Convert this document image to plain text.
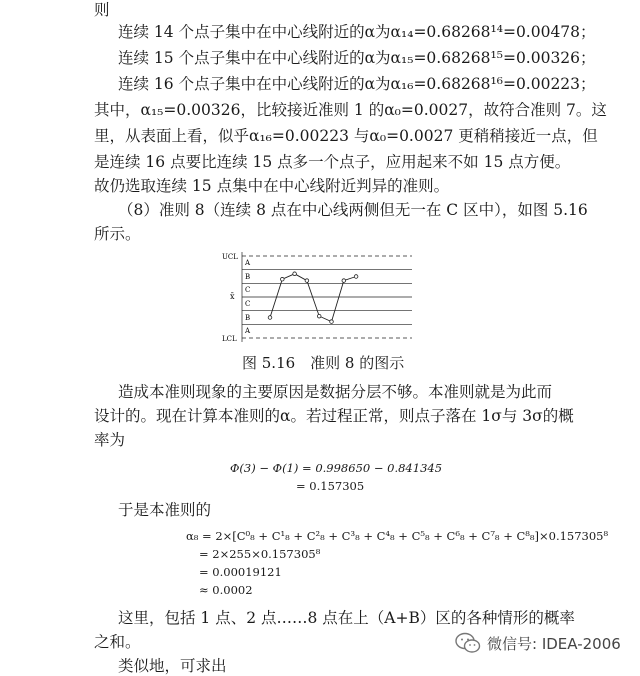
则
连续 14 个点子集中在中心线附近的α为α₁₄=0.68268¹⁴=0.00478；
连续 15 个点子集中在中心线附近的α为α₁₅=0.68268¹⁵=0.00326；
连续 16 个点子集中在中心线附近的α为α₁₆=0.68268¹⁶=0.00223；
其中，α₁₅=0.00326，比较接近准则 1 的α₀=0.0027，故符合准则 7。这
里，从表面上看，似乎α₁₆=0.00223 与α₀=0.0027 更稍稍接近一点，但
是连续 16 点要比连续 15 点多一个点子，应用起来不如 15 点方便。
故仍选取连续 15 点集中在中心线附近判异的准则。
（8）准则 8（连续 8 点在中心线两侧但无一在 C 区中），如图 5.16
所示。
UCL
LCL
x̄
A
B
C
C
B
A
图 5.16　准则 8 的图示
造成本准则现象的主要原因是数据分层不够。本准则就是为此而
设计的。现在计算本准则的α。若过程正常，则点子落在 1σ与 3σ的概
率为
Φ(3) − Φ(1) = 0.998650 − 0.841345
= 0.157305
于是本准则的
α₈ = 2×[C⁰₈ + C¹₈ + C²₈ + C³₈ + C⁴₈ + C⁵₈ + C⁶₈ + C⁷₈ + C⁸₈]×0.157305⁸
= 2×255×0.157305⁸
= 0.00019121
≈ 0.0002
这里，包括 1 点、2 点……8 点在上（A+B）区的各种情形的概率
之和。
类似地，可求出
微信号: IDEA-2006
